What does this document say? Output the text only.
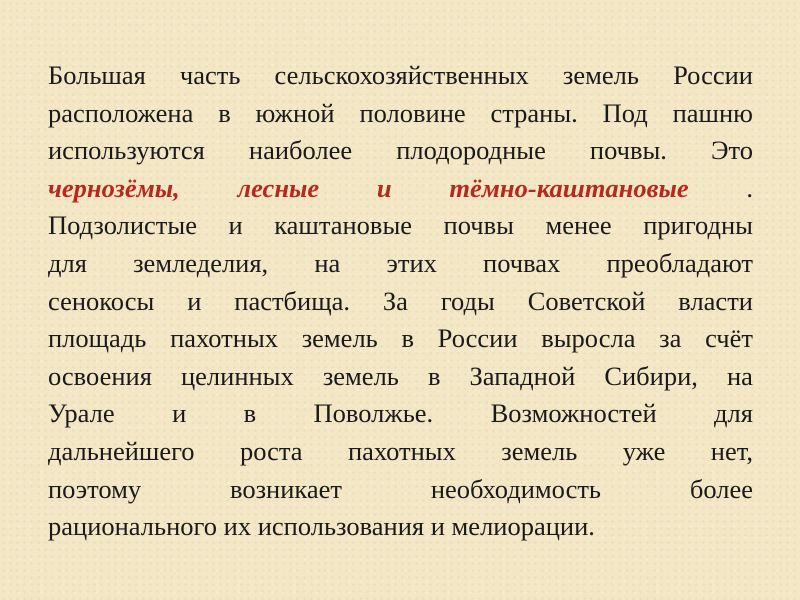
Большая часть сельскохозяйственных земель России
расположена в южной половине страны. Под пашню
используются наиболее плодородные почвы. Это
чернозёмы, лесные и тёмно-каштановые .
Подзолистые и каштановые почвы менее пригодны
для земледелия, на этих почвах преобладают
сенокосы и пастбища. За годы Советской власти
площадь пахотных земель в России выросла за счёт
освоения целинных земель в Западной Сибири, на
Урале и в Поволжье. Возможностей для
дальнейшего роста пахотных земель уже нет,
поэтому	возникает	необходимость	более
рационального
их
использования
и
мелиорации.
